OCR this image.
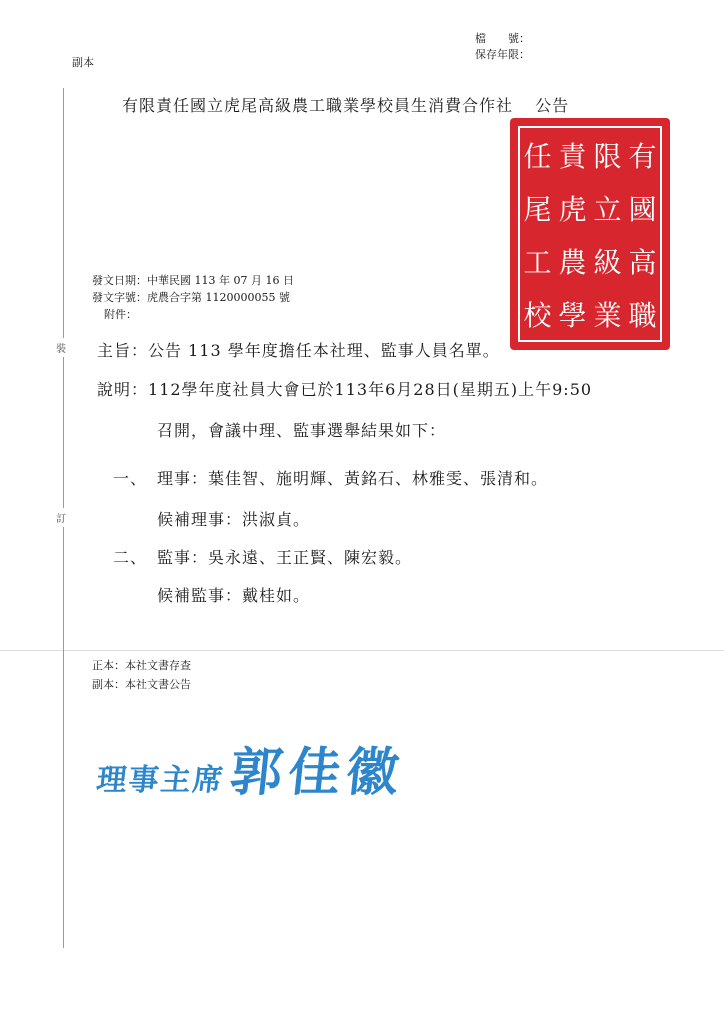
檔　　號：
保存年限：
副本
裝
訂
有限責任國立虎尾高級農工職業學校員生消費合作社 公告
有
限
責
任
國
立
虎
尾
高
級
農
工
職
業
學
校
發文日期：中華民國 113 年 07 月 16 日
發文字號：虎農合字第 1120000055 號
附件：
主旨：公告 113 學年度擔任本社理、監事人員名單。
說明：112學年度社員大會已於113年6月28日(星期五)上午9:50
召開，會議中理、監事選舉結果如下：
一、 理事：葉佳智、施明輝、黃銘石、林雅雯、張清和。
候補理事：洪淑貞。
二、 監事：吳永遠、王正賢、陳宏毅。
候補監事：戴桂如。
正本：本社文書存查
副本：本社文書公告
理事主席郭佳徽
